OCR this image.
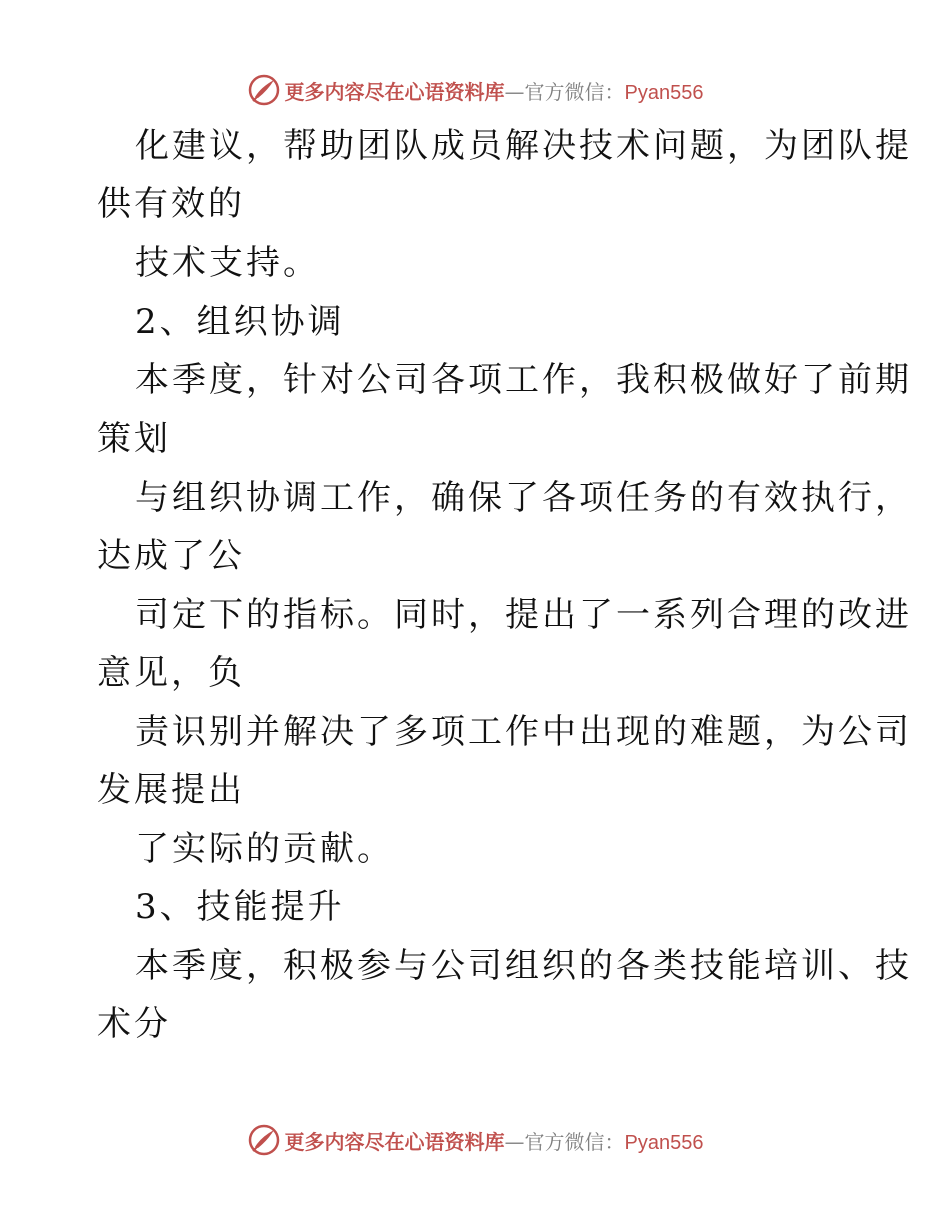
更多内容尽在心语资料库 — 官方微信： Pyan556
化建议，帮助团队成员解决技术问题，为团队提
供有效的
技术支持。
2、组织协调
本季度，针对公司各项工作，我积极做好了前期
策划
与组织协调工作，确保了各项任务的有效执行，
达成了公
司定下的指标。同时，提出了一系列合理的改进
意见，负
责识别并解决了多项工作中出现的难题，为公司
发展提出
了实际的贡献。
3、技能提升
本季度，积极参与公司组织的各类技能培训、技
术分
更多内容尽在心语资料库 — 官方微信： Pyan556
